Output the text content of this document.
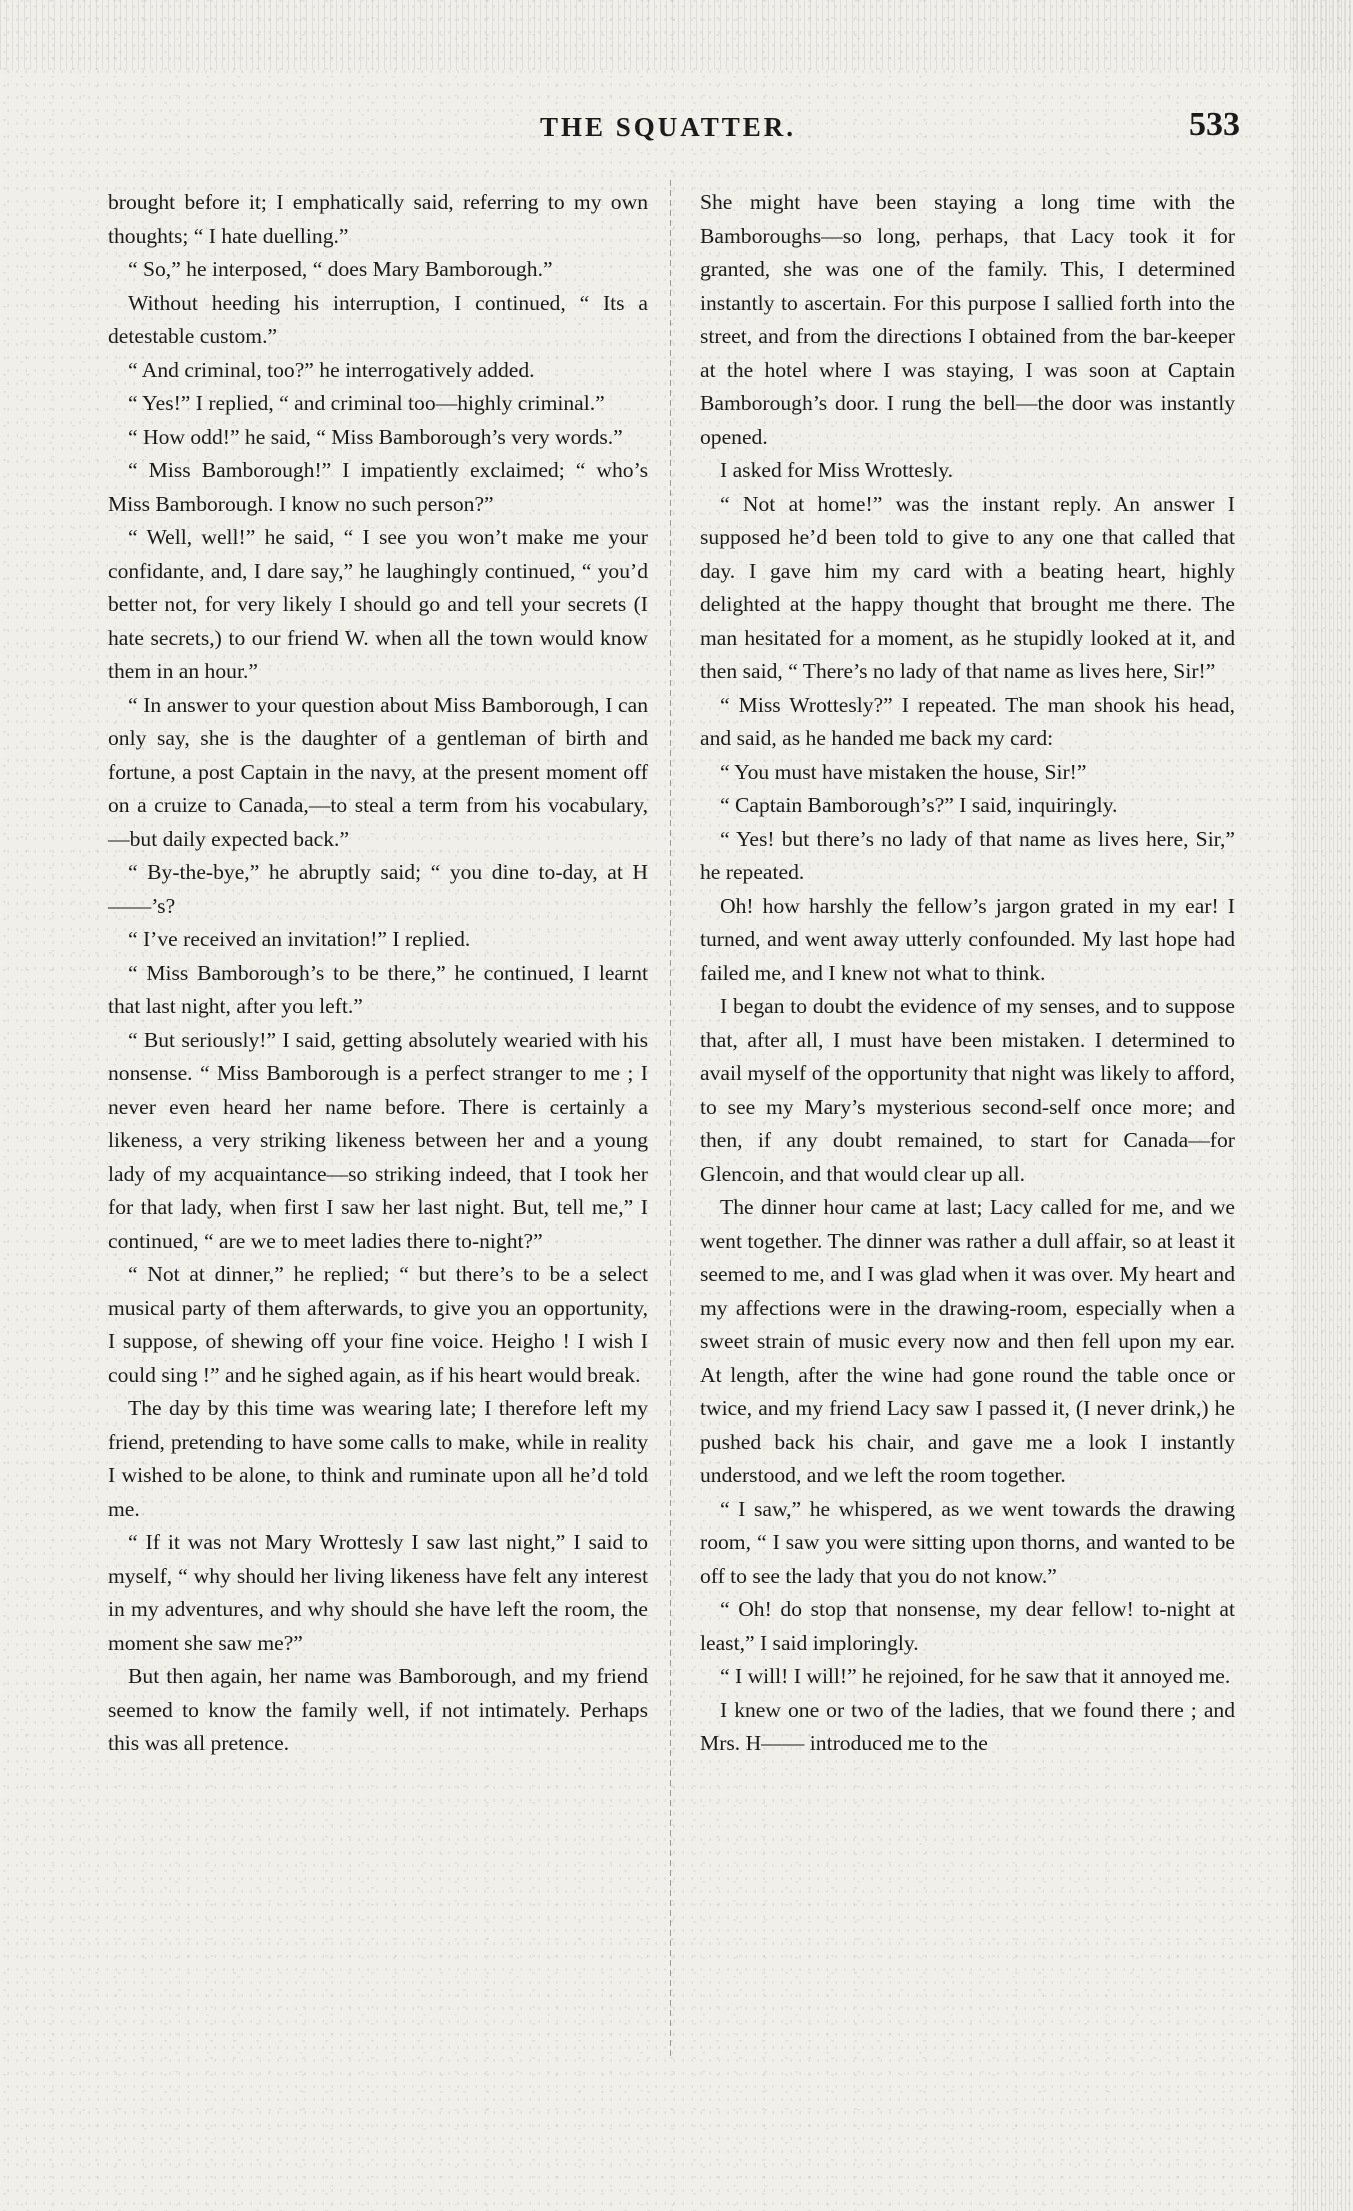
THE SQUATTER.	533

brought before it; I emphatically said, referring to my own thoughts; “ I hate duelling.”

“ So,” he interposed, “ does Mary Bamborough.”

Without heeding his interruption, I continued, “ Its a detestable custom.”

“ And criminal, too?” he interrogatively added.

“ Yes!” I replied, “ and criminal too—highly criminal.”

“ How odd!” he said, “ Miss Bamborough’s very words.”

“ Miss Bamborough!” I impatiently exclaimed; “ who’s Miss Bamborough. I know no such person?”

“ Well, well!” he said, “ I see you won’t make me your confidante, and, I dare say,” he laughingly continued, “ you’d better not, for very likely I should go and tell your secrets (I hate secrets,) to our friend W. when all the town would know them in an hour.”

“ In answer to your question about Miss Bamborough, I can only say, she is the daughter of a gentleman of birth and fortune, a post Captain in the navy, at the present moment off on a cruize to Canada,—to steal a term from his vocabulary,—but daily expected back.”

“ By-the-bye,” he abruptly said; “ you dine to-day, at H——’s?

“ I’ve received an invitation!” I replied.

“ Miss Bamborough’s to be there,” he continued, I learnt that last night, after you left.”

“ But seriously!” I said, getting absolutely wearied with his nonsense. “ Miss Bamborough is a perfect stranger to me ; I never even heard her name before. There is certainly a likeness, a very striking likeness between her and a young lady of my acquaintance—so striking indeed, that I took her for that lady, when first I saw her last night. But, tell me,” I continued, “ are we to meet ladies there to-night?”

“ Not at dinner,” he replied; “ but there’s to be a select musical party of them afterwards, to give you an opportunity, I suppose, of shewing off your fine voice. Heigho ! I wish I could sing !” and he sighed again, as if his heart would break.

The day by this time was wearing late; I therefore left my friend, pretending to have some calls to make, while in reality I wished to be alone, to think and ruminate upon all he’d told me.

“ If it was not Mary Wrottesly I saw last night,” I said to myself, “ why should her living likeness have felt any interest in my adventures, and why should she have left the room, the moment she saw me?”

But then again, her name was Bamborough, and my friend seemed to know the family well, if not intimately. Perhaps this was all pretence.

She might have been staying a long time with the Bamboroughs—so long, perhaps, that Lacy took it for granted, she was one of the family. This, I determined instantly to ascertain. For this purpose I sallied forth into the street, and from the directions I obtained from the bar-keeper at the hotel where I was staying, I was soon at Captain Bamborough’s door. I rung the bell—the door was instantly opened.

I asked for Miss Wrottesly.

“ Not at home!” was the instant reply. An answer I supposed he’d been told to give to any one that called that day. I gave him my card with a beating heart, highly delighted at the happy thought that brought me there. The man hesitated for a moment, as he stupidly looked at it, and then said, “ There’s no lady of that name as lives here, Sir!”

“ Miss Wrottesly?” I repeated. The man shook his head, and said, as he handed me back my card:

“ You must have mistaken the house, Sir!”

“ Captain Bamborough’s?” I said, inquiringly.

“ Yes! but there’s no lady of that name as lives here, Sir,” he repeated.

Oh! how harshly the fellow’s jargon grated in my ear! I turned, and went away utterly confounded. My last hope had failed me, and I knew not what to think.

I began to doubt the evidence of my senses, and to suppose that, after all, I must have been mistaken. I determined to avail myself of the opportunity that night was likely to afford, to see my Mary’s mysterious second-self once more; and then, if any doubt remained, to start for Canada—for Glencoin, and that would clear up all.

The dinner hour came at last; Lacy called for me, and we went together. The dinner was rather a dull affair, so at least it seemed to me, and I was glad when it was over. My heart and my affections were in the drawing-room, especially when a sweet strain of music every now and then fell upon my ear. At length, after the wine had gone round the table once or twice, and my friend Lacy saw I passed it, (I never drink,) he pushed back his chair, and gave me a look I instantly understood, and we left the room together.

“ I saw,” he whispered, as we went towards the drawing room, “ I saw you were sitting upon thorns, and wanted to be off to see the lady that you do not know.”

“ Oh! do stop that nonsense, my dear fellow! to-night at least,” I said imploringly.

“ I will! I will!” he rejoined, for he saw that it annoyed me.

I knew one or two of the ladies, that we found there ; and Mrs. H—— introduced me to the
